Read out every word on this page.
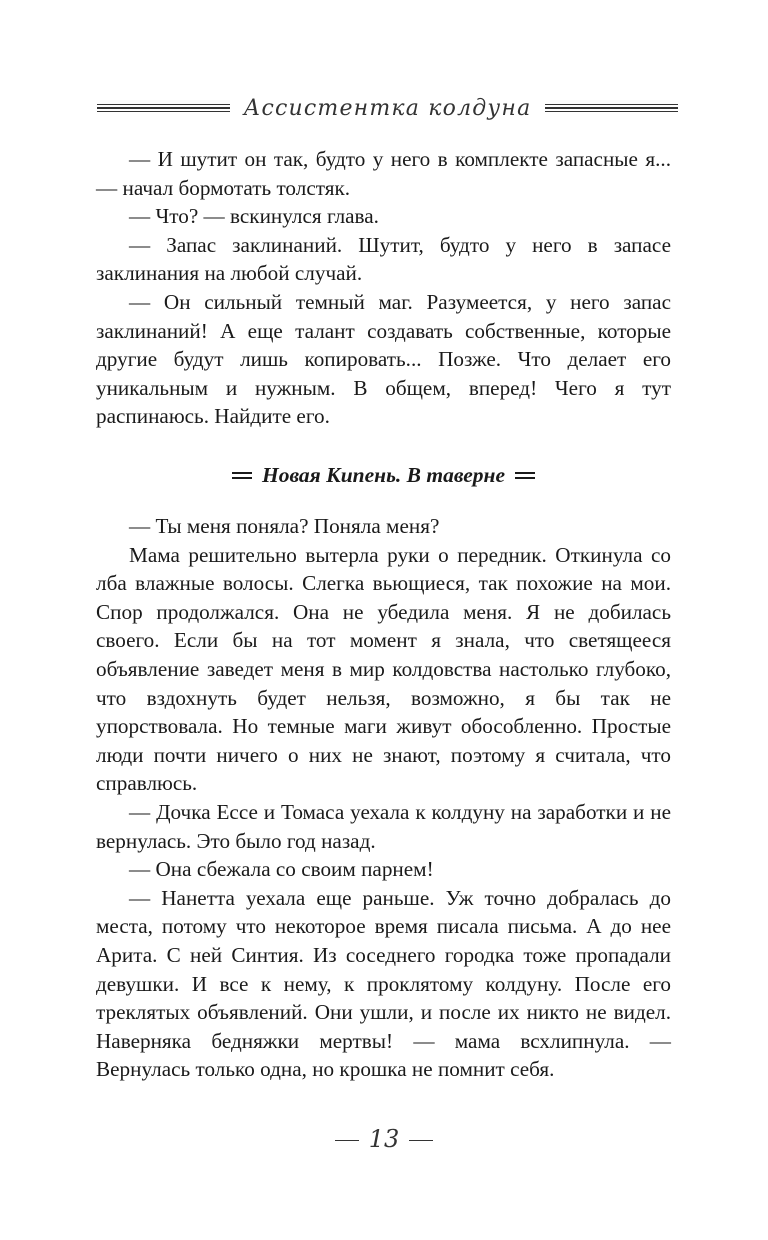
Ассистентка колдуна

— И шутит он так, будто у него в комплекте запасные я... — начал бормотать толстяк.

— Что? — вскинулся глава.

— Запас заклинаний. Шутит, будто у него в запасе заклинания на любой случай.

— Он сильный темный маг. Разумеется, у него запас заклинаний! А еще талант создавать собственные, которые другие будут лишь копировать... Позже. Что делает его уникальным и нужным. В общем, вперед! Чего я тут распинаюсь. Найдите его.

Новая Кипень. В таверне

— Ты меня поняла? Поняла меня?

Мама решительно вытерла руки о передник. Откинула со лба влажные волосы. Слегка вьющиеся, так похожие на мои. Спор продолжался. Она не убедила меня. Я не добилась своего. Если бы на тот момент я знала, что светящееся объявление заведет меня в мир колдовства настолько глубоко, что вздохнуть будет нельзя, возможно, я бы так не упорствовала. Но темные маги живут обособленно. Простые люди почти ничего о них не знают, поэтому я считала, что справлюсь.

— Дочка Ессе и Томаса уехала к колдуну на заработки и не вернулась. Это было год назад.

— Она сбежала со своим парнем!

— Нанетта уехала еще раньше. Уж точно добралась до места, потому что некоторое время писала письма. А до нее Арита. С ней Синтия. Из соседнего городка тоже пропадали девушки. И все к нему, к проклятому колдуну. После его треклятых объявлений. Они ушли, и после их никто не видел. Наверняка бедняжки мертвы! — мама всхлипнула. — Вернулась только одна, но крошка не помнит себя.

13
